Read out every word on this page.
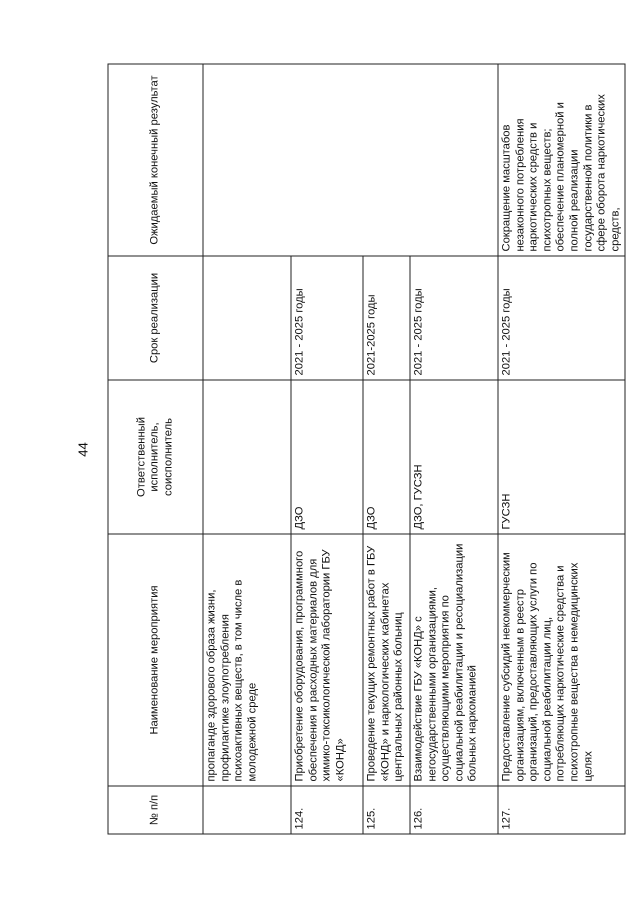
44
№ п/п	Наименование мероприятия	Ответственный исполнитель, соисполнитель	Срок реализации	Ожидаемый конечный результат
	пропаганде здорового образа жизни, профилактике злоупотребления психоактивных веществ, в том числе в молодежной среде			
124.	Приобретение оборудования, программного обеспечения и расходных материалов для химико-токсикологической лаборатории ГБУ «КОНД»	ДЗО	2021 - 2025 годы	
125.	Проведение текущих ремонтных работ в ГБУ «КОНД» и наркологических кабинетах центральных районных больниц	ДЗО	2021-2025 годы	
126.	Взаимодействие ГБУ «КОНД» с негосударственными организациями, осуществляющими мероприятия по социальной реабилитации и ресоциализации больных наркоманией	ДЗО, ГУСЗН	2021 - 2025 годы	
127.	Предоставление субсидий некоммерческим организациям, включенным в реестр организаций, предоставляющих услуги по социальной реабилитации лиц, потребляющих наркотические средства и психотропные вещества в немедицинских целях	ГУСЗН	2021 - 2025 годы	Сокращение масштабов незаконного потребления наркотических средств и психотропных веществ; обеспечение планомерной и полной реализации государственной политики в сфере оборота наркотических средств,
